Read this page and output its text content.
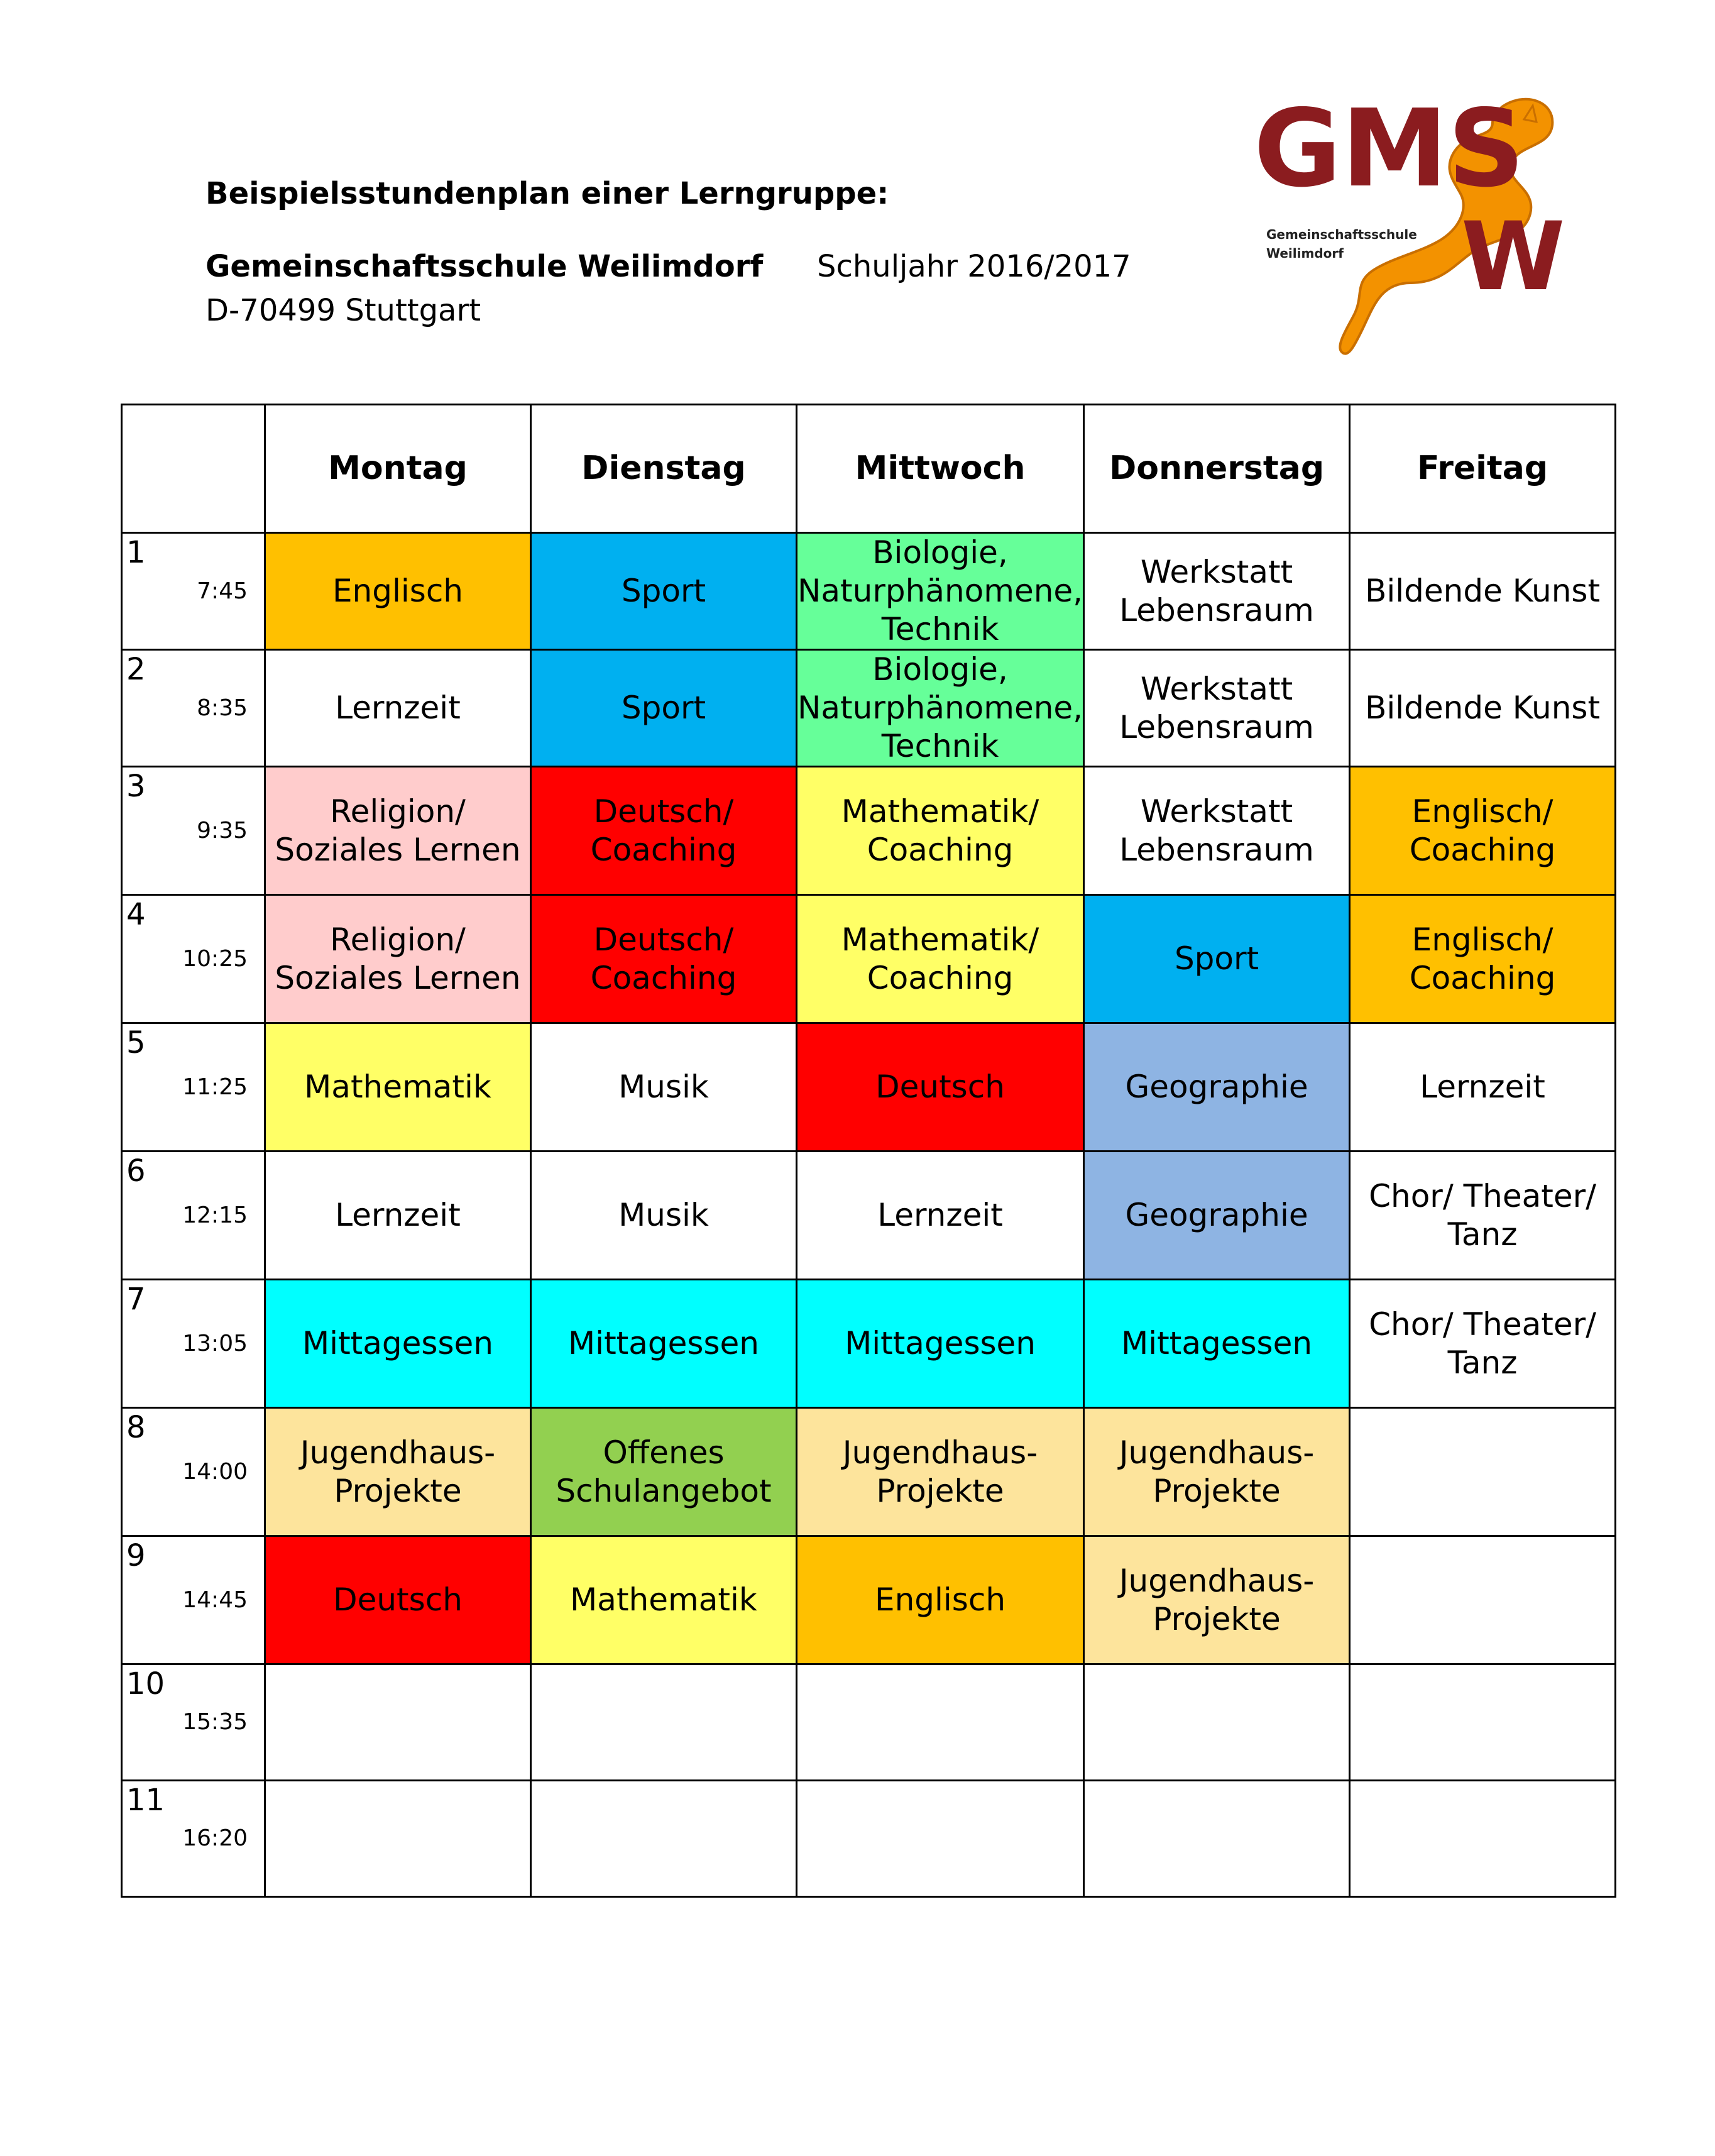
Beispielsstundenplan einer Lerngruppe:
Gemeinschaftsschule Weilimdorf Schuljahr 2016/2017
D-70499 Stuttgart
GMS
W
Gemeinschaftsschule
Weilimdorf
	Montag	Dienstag	Mittwoch	Donnerstag	Freitag

1
7:45	Englisch	Sport	Biologie,
Naturphänomene,
Technik	Werkstatt
Lebensraum	Bildende Kunst

2
8:35	Lernzeit	Sport	Biologie,
Naturphänomene,
Technik	Werkstatt
Lebensraum	Bildende Kunst

3
9:35	Religion/
Soziales Lernen	Deutsch/
Coaching	Mathematik/
Coaching	Werkstatt
Lebensraum	Englisch/
Coaching

4
10:25	Religion/
Soziales Lernen	Deutsch/
Coaching	Mathematik/
Coaching	Sport	Englisch/
Coaching

5
11:25	Mathematik	Musik	Deutsch	Geographie	Lernzeit

6
12:15	Lernzeit	Musik	Lernzeit	Geographie	Chor/ Theater/
Tanz

7
13:05	Mittagessen	Mittagessen	Mittagessen	Mittagessen	Chor/ Theater/
Tanz

8
14:00	Jugendhaus-
Projekte	Offenes
Schulangebot	Jugendhaus-
Projekte	Jugendhaus-
Projekte	

9
14:45	Deutsch	Mathematik	Englisch	Jugendhaus-
Projekte	

10
15:35					

11
16:20					
